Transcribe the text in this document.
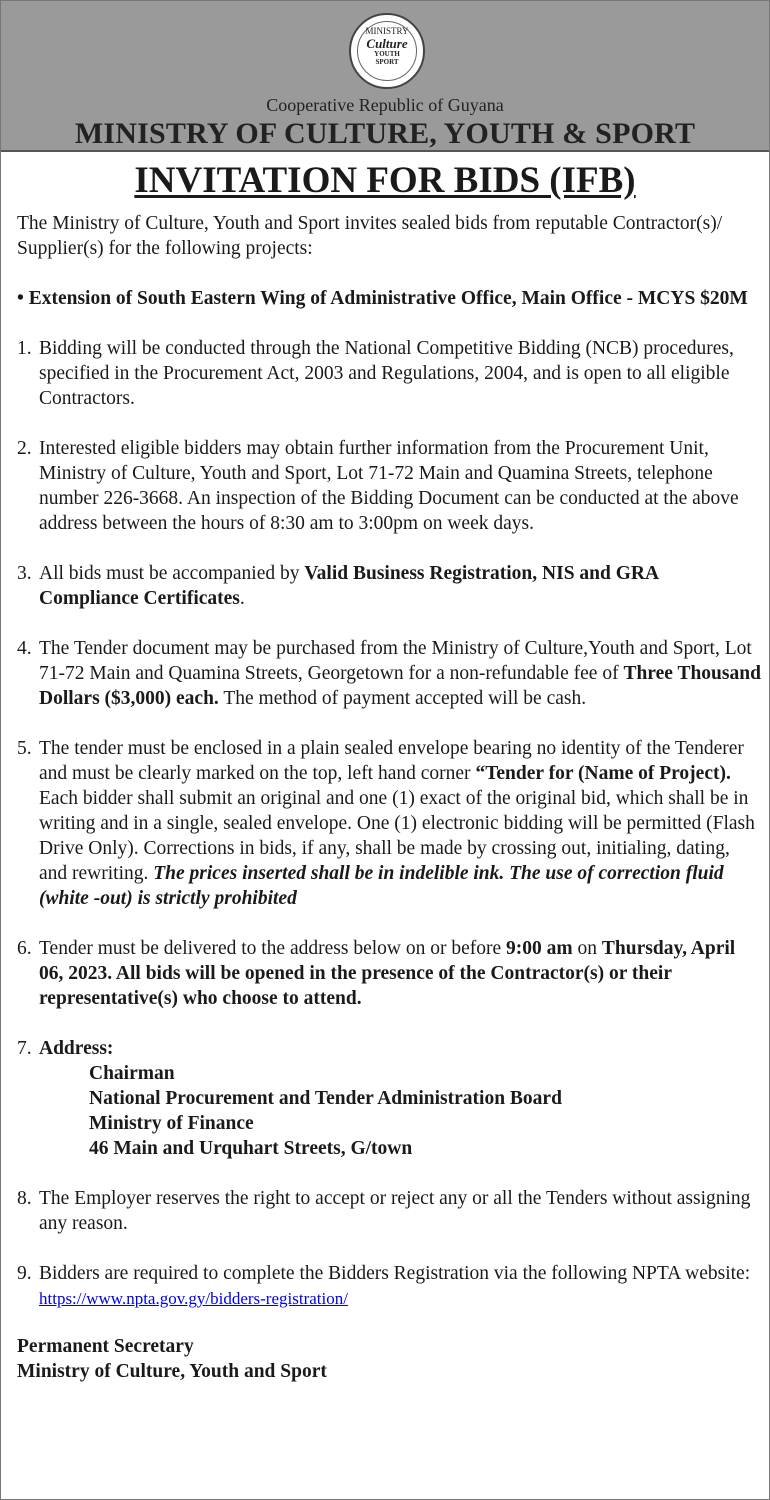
MINISTRY
Culture
YOUTH
SPORT
Cooperative Republic of Guyana
MINISTRY OF CULTURE, YOUTH & SPORT
INVITATION FOR BIDS (IFB)

The Ministry of Culture, Youth and Sport invites sealed bids from reputable Contractor(s)/ Supplier(s) for the following projects:

• Extension of South Eastern Wing of Administrative Office, Main Office - MCYS $20M

1. Bidding will be conducted through the National Competitive Bidding (NCB) procedures, specified in the Procurement Act, 2003 and Regulations, 2004, and is open to all eligible Contractors.
2. Interested eligible bidders may obtain further information from the Procurement Unit, Ministry of Culture, Youth and Sport, Lot 71-72 Main and Quamina Streets, telephone number 226-3668. An inspection of the Bidding Document can be conducted at the above address between the hours of 8:30 am to 3:00pm on week days.
3. All bids must be accompanied by Valid Business Registration, NIS and GRA Compliance Certificates.
4. The Tender document may be purchased from the Ministry of Culture,Youth and Sport, Lot 71-72 Main and Quamina Streets, Georgetown for a non-refundable fee of Three Thousand Dollars ($3,000) each. The method of payment accepted will be cash.
5. The tender must be enclosed in a plain sealed envelope bearing no identity of the Tenderer and must be clearly marked on the top, left hand corner “Tender for (Name of Project). Each bidder shall submit an original and one (1) exact of the original bid, which shall be in writing and in a single, sealed envelope. One (1) electronic bidding will be permitted (Flash Drive Only). Corrections in bids, if any, shall be made by crossing out, initialing, dating, and rewriting. The prices inserted shall be in indelible ink. The use of correction fluid (white -out) is strictly prohibited
6. Tender must be delivered to the address below on or before 9:00 am on Thursday, April 06, 2023. All bids will be opened in the presence of the Contractor(s) or their representative(s) who choose to attend.
7. Address:
Chairman
National Procurement and Tender Administration Board
Ministry of Finance
46 Main and Urquhart Streets, G/town
8. The Employer reserves the right to accept or reject any or all the Tenders without assigning any reason.
9. Bidders are required to complete the Bidders Registration via the following NPTA website: https://www.npta.gov.gy/bidders-registration/
Permanent Secretary
Ministry of Culture, Youth and Sport
